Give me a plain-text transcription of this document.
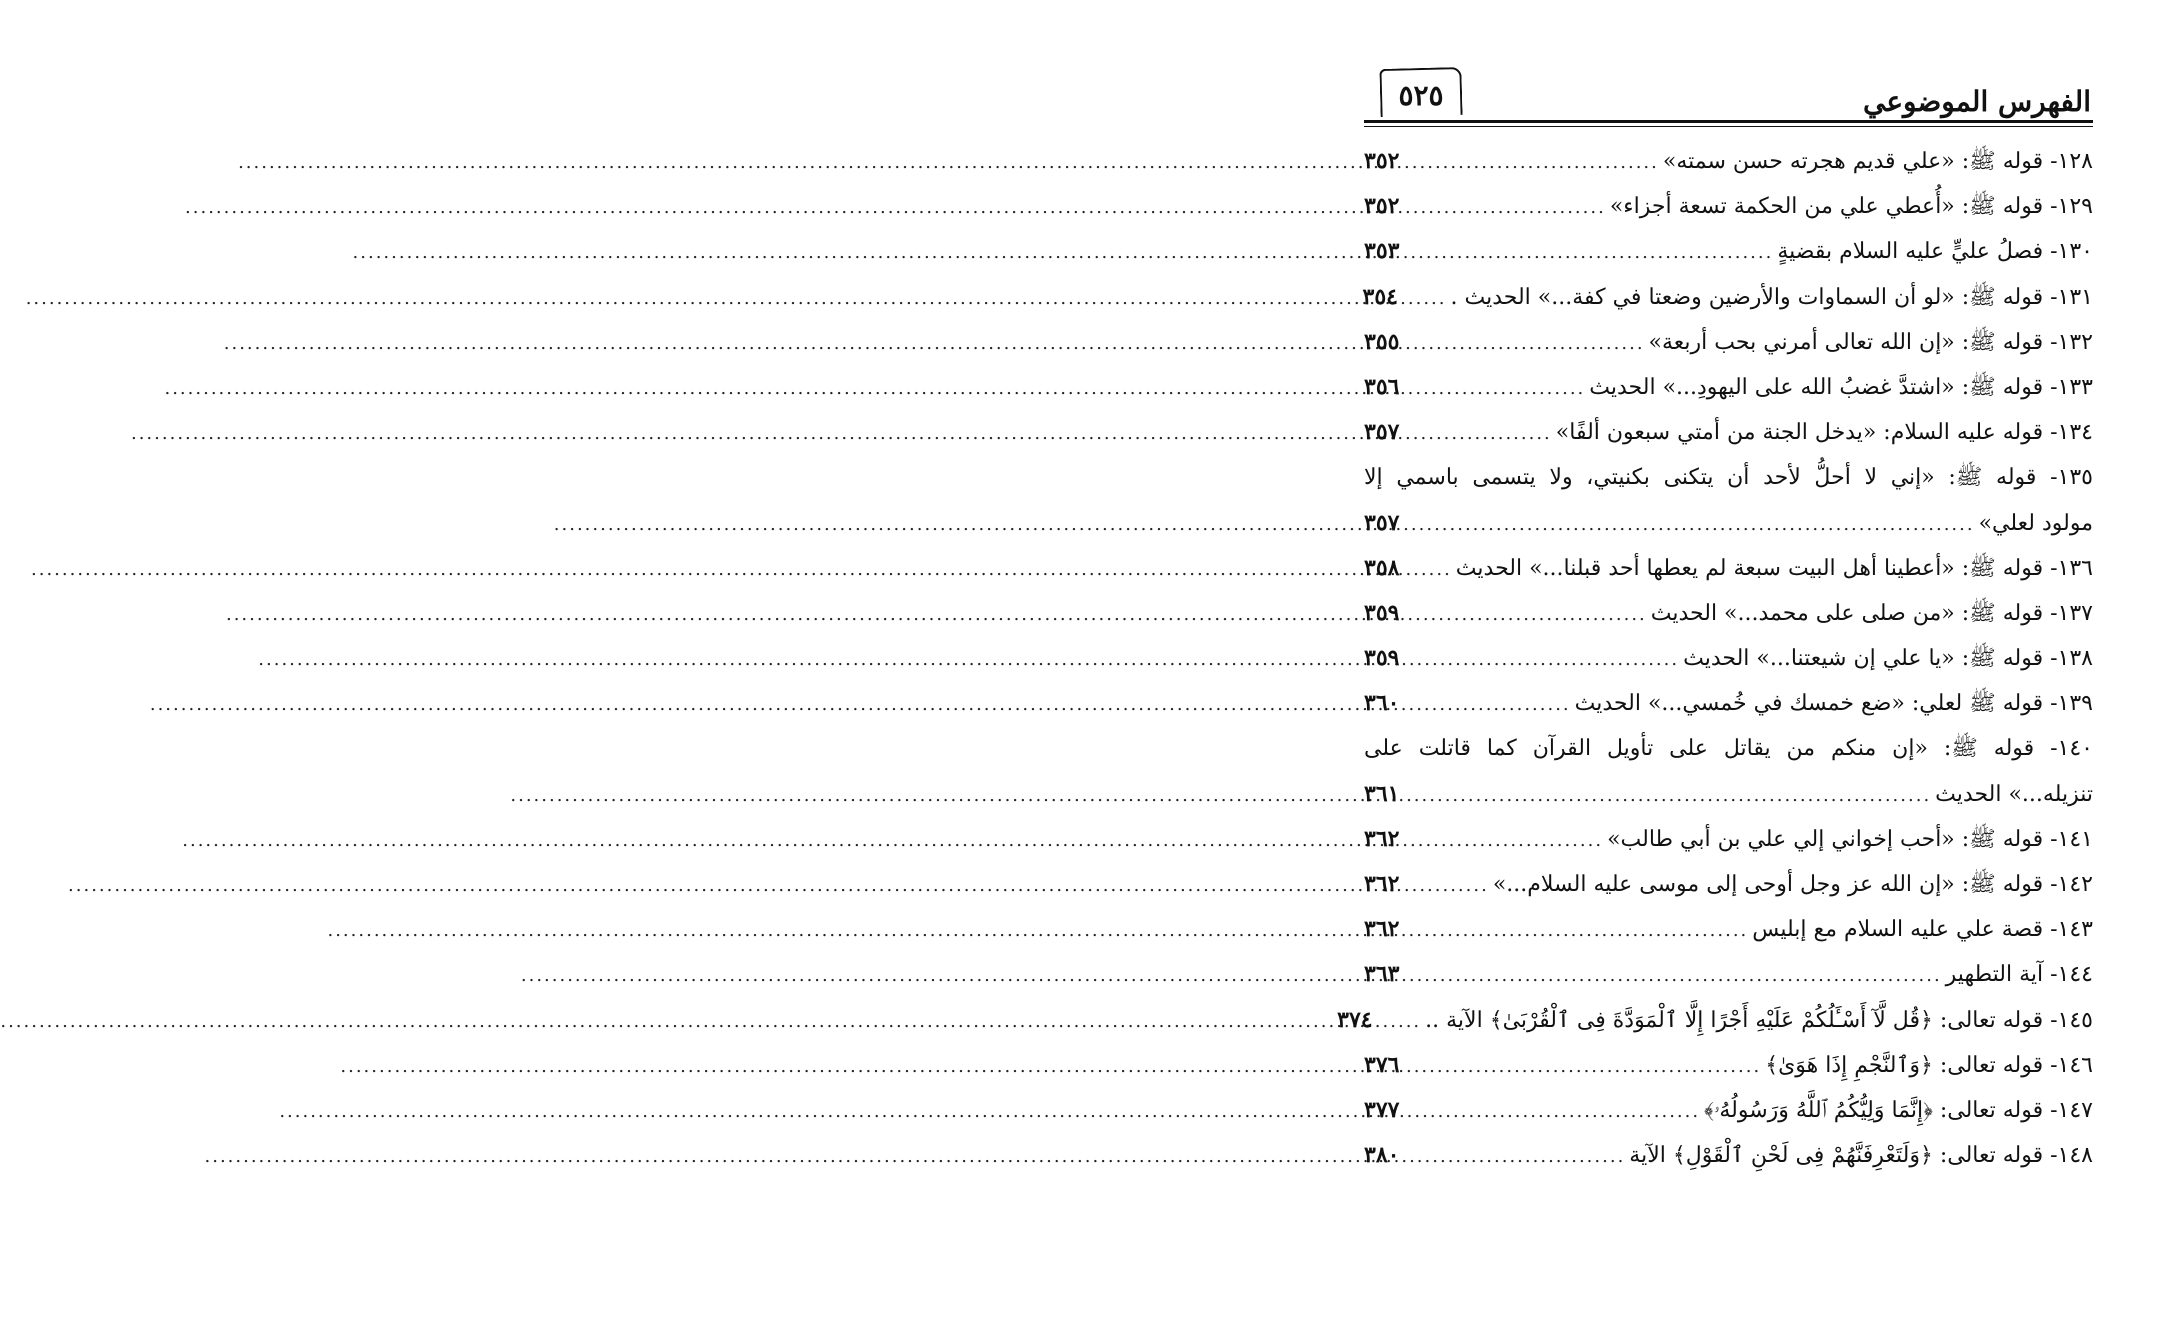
الفهرس الموضوعي
٥٢٥
١٢٨- قوله ﷺ: «علي قديم هجرته حسن سمته»
.....
٣٥٢
١٢٩- قوله ﷺ: «أُعطي علي من الحكمة تسعة أجزاء»
.....
٣٥٢
١٣٠- فصلُ عليٍّ عليه السلام بقضيةٍ
.....
٣٥٣
١٣١- قوله ﷺ: «لو أن السماوات والأرضين وضعتا في كفة...» الحديث .
.....
٣٥٤
١٣٢- قوله ﷺ: «إن الله تعالى أمرني بحب أربعة»
.....
٣٥٥
١٣٣- قوله ﷺ: «اشتدَّ غضبُ الله على اليهودِ...» الحديث
.....
٣٥٦
١٣٤- قوله عليه السلام: «يدخل الجنة من أمتي سبعون ألفًا»
.....
٣٥٧
١٣٥- قوله ﷺ: «إني لا أحلُّ لأحد أن يتكنى بكنيتي، ولا يتسمى باسمي إلا
مولود لعلي»
.....
٣٥٧
١٣٦- قوله ﷺ: «أعطينا أهل البيت سبعة لم يعطها أحد قبلنا...» الحديث
.....
٣٥٨
١٣٧- قوله ﷺ: «من صلى على محمد...» الحديث
.....
٣٥٩
١٣٨- قوله ﷺ: «يا علي إن شيعتنا...» الحديث
.....
٣٥٩
١٣٩- قوله ﷺ لعلي: «ضع خمسك في خُمسي...» الحديث
.....
٣٦٠
١٤٠- قوله ﷺ: «إن منكم من يقاتل على تأويل القرآن كما قاتلت على
تنزيله...» الحديث
.....
٣٦١
١٤١- قوله ﷺ: «أحب إخواني إلي علي بن أبي طالب»
.....
٣٦٢
١٤٢- قوله ﷺ: «إن الله عز وجل أوحى إلى موسى عليه السلام...»
.....
٣٦٢
١٤٣- قصة علي عليه السلام مع إبليس
.....
٣٦٢
١٤٤- آية التطهير
.....
٣٦٣
١٤٥- قوله تعالى: ﴿قُل لَّآ أَسْـَٔلُكُمْ عَلَيْهِ أَجْرًا إِلَّا ٱلْمَوَدَّةَ فِى ٱلْقُرْبَىٰ﴾ الآية ..
.....
٣٧٤
١٤٦- قوله تعالى: ﴿وَٱلنَّجْمِ إِذَا هَوَىٰ﴾
.....
٣٧٦
١٤٧- قوله تعالى: ﴿إِنَّمَا وَلِيُّكُمُ ٱللَّهُ وَرَسُولُهُۥ﴾
.....
٣٧٧
١٤٨- قوله تعالى: ﴿وَلَتَعْرِفَنَّهُمْ فِى لَحْنِ ٱلْقَوْلِ﴾ الآية
.....
٣٨٠
